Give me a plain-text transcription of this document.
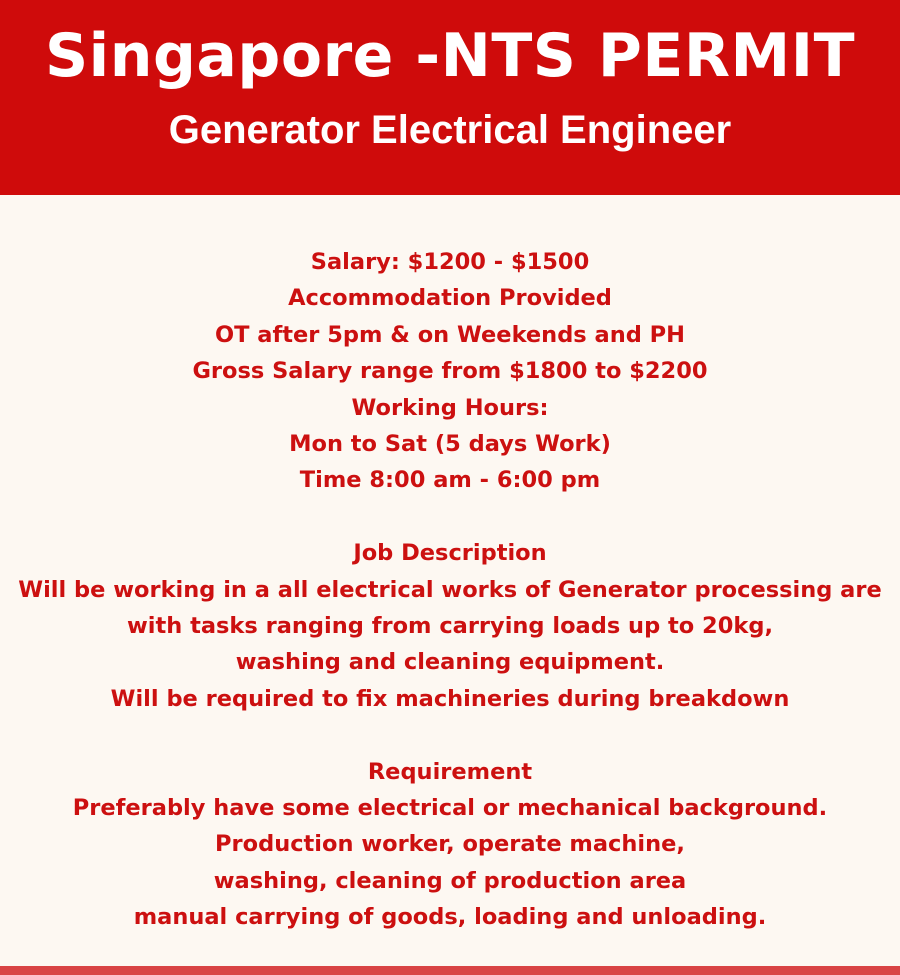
Singapore -NTS PERMIT
Generator Electrical Engineer
Salary: $1200 - $1500
Accommodation Provided
OT after 5pm & on Weekends and PH
Gross Salary range from $1800 to $2200
Working Hours:
Mon to Sat (5 days Work)
Time 8:00 am - 6:00 pm
Job Description
Will be working in a all electrical works of Generator processing are
with tasks ranging from carrying loads up to 20kg,
washing and cleaning equipment.
Will be required to fix machineries during breakdown
Requirement
Preferably have some electrical or mechanical background.
Production worker, operate machine,
washing, cleaning of production area
manual carrying of goods, loading and unloading.
